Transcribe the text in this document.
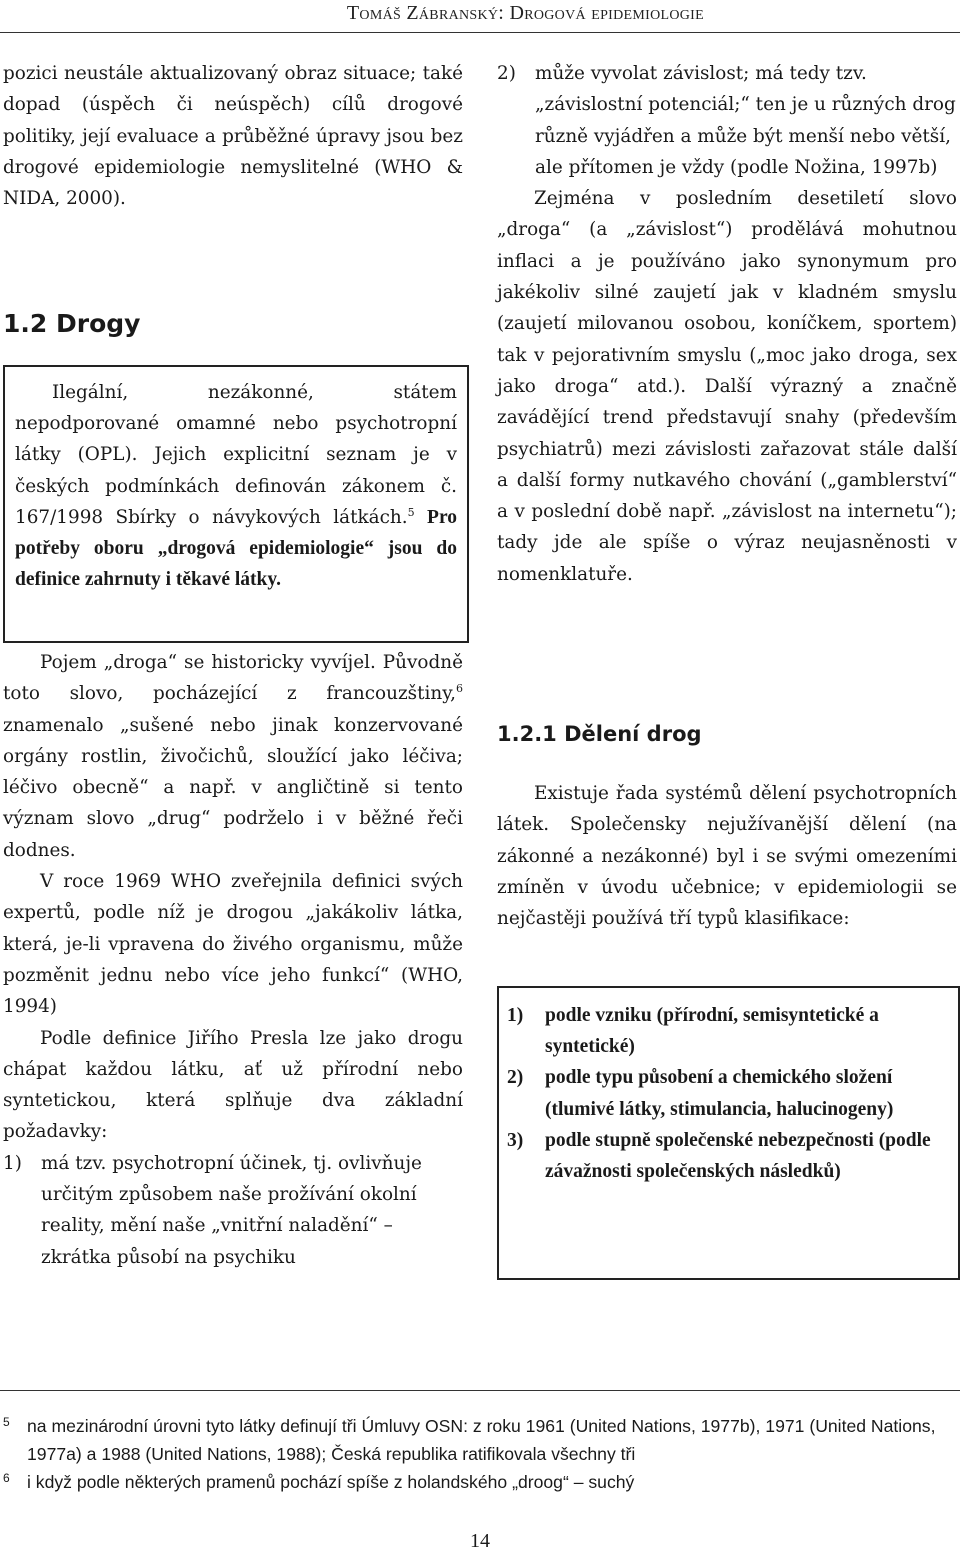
Tomáš Zábranský: Drogová epidemiologie

pozici neustále aktualizovaný obraz situace; také dopad (úspěch či neúspěch) cílů drogové politiky, její evaluace a průběžné úpravy jsou bez drogové epidemiologie nemyslitelné (WHO & NIDA, 2000).

1.2 Drogy

Ilegální, nezákonné, státem nepodporované omamné nebo psychotropní látky (OPL). Jejich explicitní seznam je v českých podmínkách definován zákonem č. 167/1998 Sbírky o návykových látkách.$^5$ Pro potřeby oboru „drogová epidemiologie“ jsou do definice zahrnuty i těkavé látky.

Pojem „droga“ se historicky vyvíjel. Původně toto slovo, pocházející z francouzštiny,$^6$ znamenalo „sušené nebo jinak konzervované orgány rostlin, živočichů, sloužící jako léčiva; léčivo obecně“ a např. v angličtině si tento význam slovo „drug“ podrželo i v běžné řeči dodnes.

V roce 1969 WHO zveřejnila definici svých expertů, podle níž je drogou „jakákoliv látka, která, je-li vpravena do živého organismu, může pozměnit jednu nebo více jeho funkcí“ (WHO, 1994)

Podle definice Jiřího Presla lze jako drogu chápat každou látku, ať už přírodní nebo syntetickou, která splňuje dva základní požadavky:

1)	má tzv. psychotropní účinek, tj. ovlivňuje určitým způsobem naše prožívání okolní reality, mění naše „vnitřní naladění“ – zkrátka působí na psychiku
2)	může vyvolat závislost; má tedy tzv. „závislostní potenciál;“ ten je u různých drog různě vyjádřen a může být menší nebo větší, ale přítomen je vždy (podle Nožina, 1997b)

Zejména v posledním desetiletí slovo „droga“ (a „závislost“) prodělává mohutnou inflaci a je používáno jako synonymum pro jakékoliv silné zaujetí jak v kladném smyslu (zaujetí milovanou osobou, koníčkem, sportem) tak v pejorativním smyslu („moc jako droga, sex jako droga“ atd.). Další výrazný a značně zavádějící trend představují snahy (především psychiatrů) mezi závislosti zařazovat stále další a další formy nutkavého chování („gamblerství“ a v poslední době např. „závislost na internetu“); tady jde ale spíše o výraz neujasněnosti v nomenklatuře.

1.2.1 Dělení drog

Existuje řada systémů dělení psychotropních látek. Společensky nejužívanější dělení (na zákonné a nezákonné) byl i se svými omezeními zmíněn v úvodu učebnice; v epidemiologii se nejčastěji používá tří typů klasifikace:

1)	podle vzniku (přírodní, semisyntetické a syntetické)
2)	podle typu působení a chemického složení (tlumivé látky, stimulancia, halucinogeny)
3)	podle stupně společenské nebezpečnosti (podle závažnosti společenských následků)
5 na mezinárodní úrovni tyto látky definují tři Úmluvy OSN: z roku 1961 (United Nations, 1977b), 1971 (United Nations, 1977a) a 1988 (United Nations, 1988); Česká republika ratifikovala všechny tři
6 i když podle některých pramenů pochází spíše z holandského „droog“ – suchý
14
